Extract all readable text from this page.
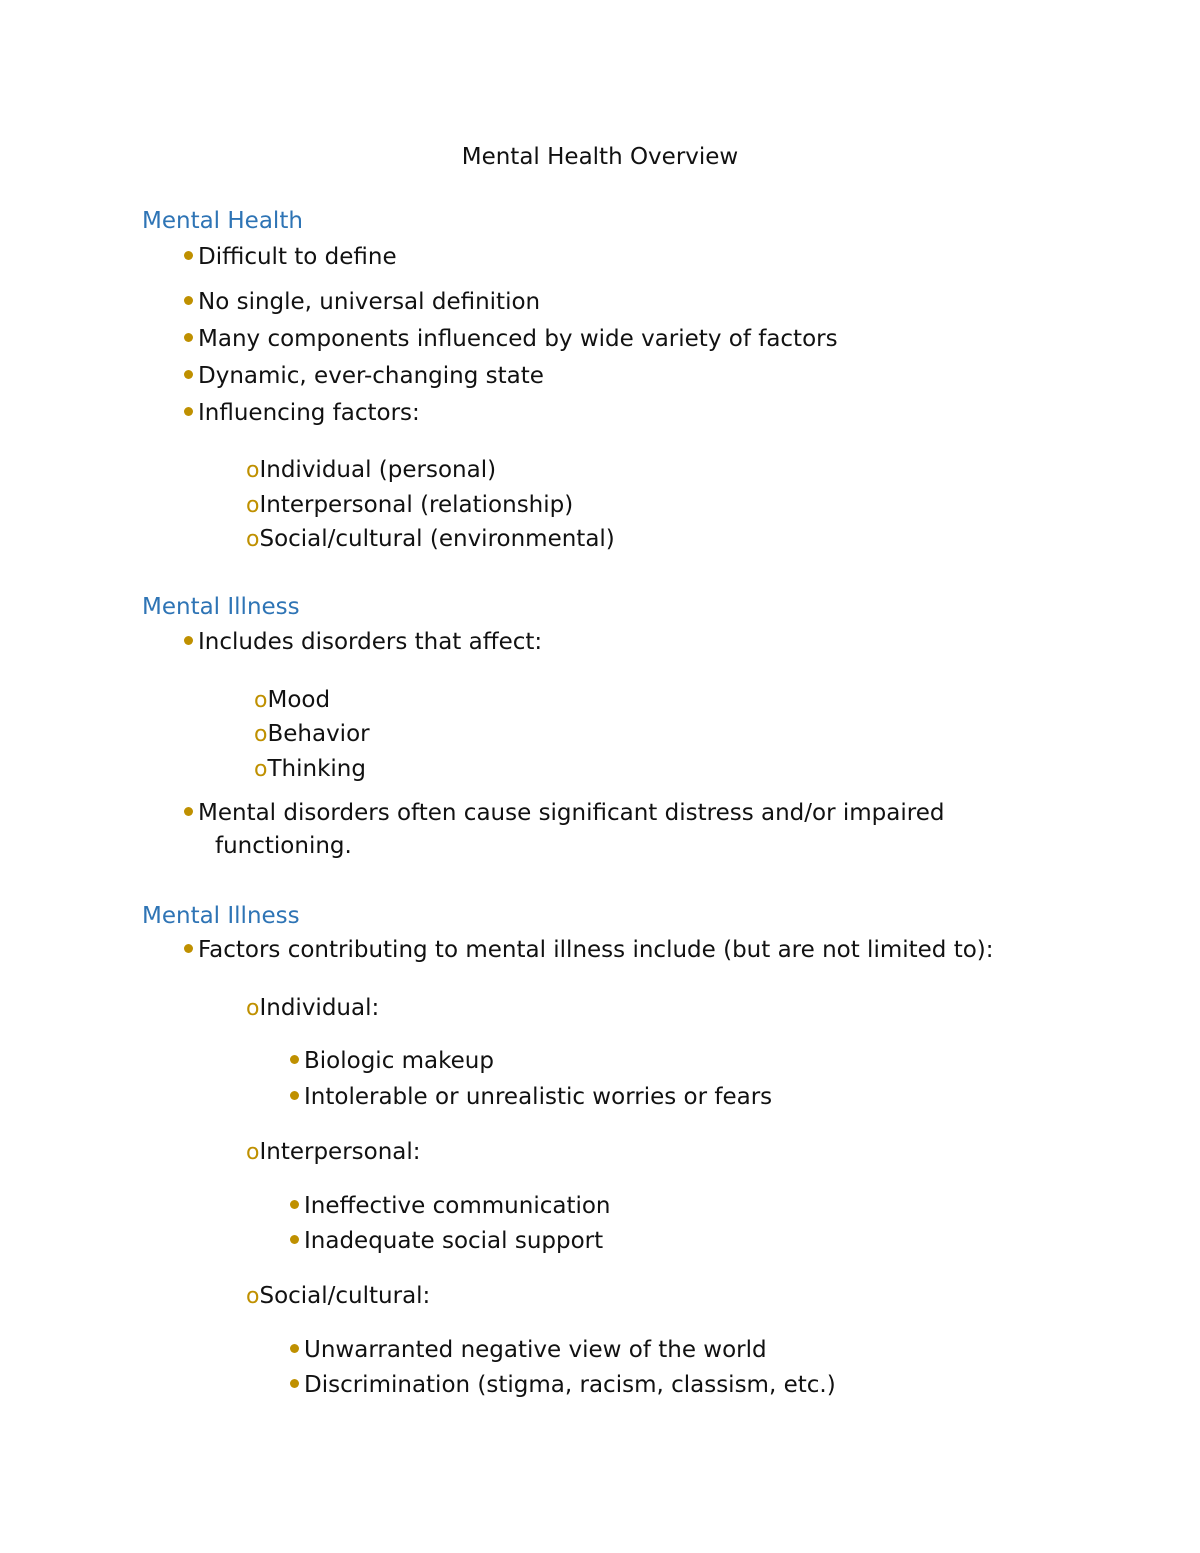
Mental Health Overview
Mental Health
Difficult to define
No single, universal definition
Many components influenced by wide variety of factors
Dynamic, ever-changing state
Influencing factors:
oIndividual (personal)
oInterpersonal (relationship)
oSocial/cultural (environmental)
Mental Illness
Includes disorders that affect:
oMood
oBehavior
oThinking
Mental disorders often cause significant distress and/or impaired
functioning.
Mental Illness
Factors contributing to mental illness include (but are not limited to):
oIndividual:
Biologic makeup
Intolerable or unrealistic worries or fears
oInterpersonal:
Ineffective communication
Inadequate social support
oSocial/cultural:
Unwarranted negative view of the world
Discrimination (stigma, racism, classism, etc.)
